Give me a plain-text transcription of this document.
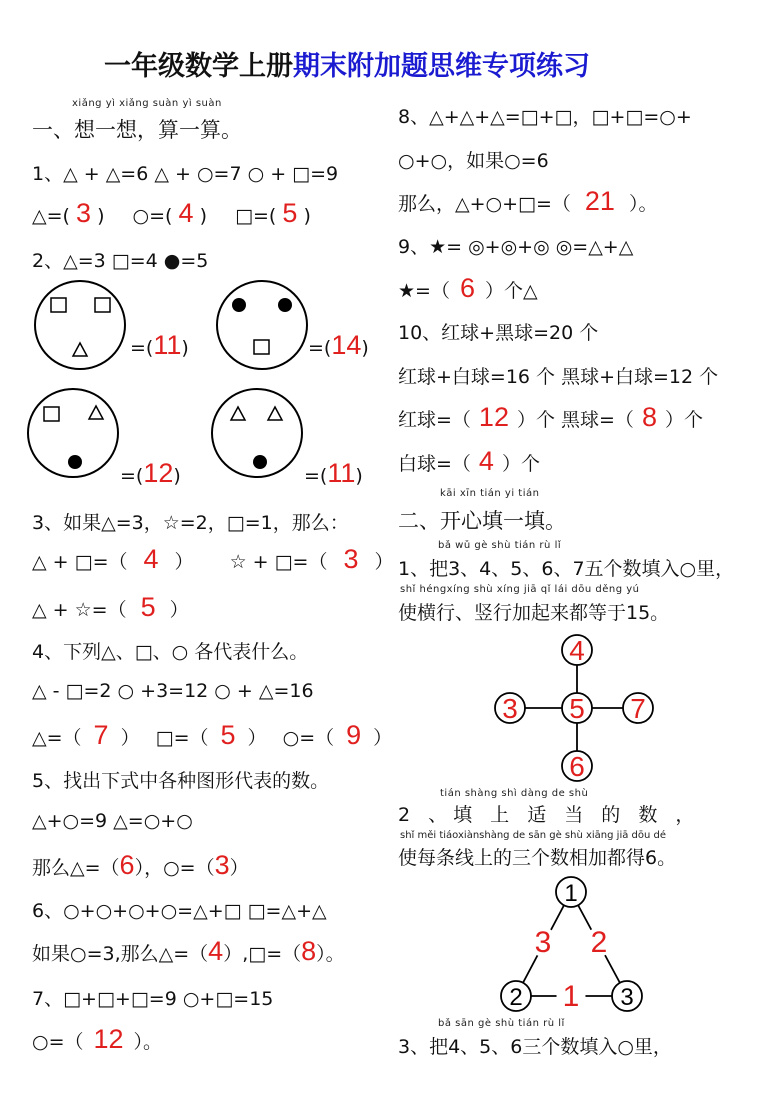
一年级数学上册期末附加题思维专项练习
xiǎng yì xiǎng suàn yì suàn
一、想一想，算一算。
1、△ + △=6 △ + ○=7 ○ + □=9
△=( 3 ) ○=( 4 ) □=( 5 )
2、△=3 □=4 ●=5
=(11)	=(14)
=(12)	=(11)
3、如果△=3，☆=2，□=1，那么：
△ + □=（ 4 ） ☆ + □=（ 3 ）
△ + ☆=（ 5 ）
4、下列△、□、○ 各代表什么。
△ - □=2 ○ +3=12 ○ + △=16
△=（ 7 ） □=（ 5 ） ○=（ 9 ）
5、找出下式中各种图形代表的数。
△+○=9 △=○+○
那么△=（6），○=（3）
6、○+○+○+○=△+□ □=△+△
如果○=3,那么△=（4）,□=（8）。
7、□+□+□=9 ○+□=15
○=（ 12 ）。
8、△+△+△=□+□，□+□=○+
○+○，如果○=6
那么，△+○+□=（ 21 ）。
9、★= ◎+◎+◎ ◎=△+△
★=（ 6 ）个△
10、红球+黑球=20 个
红球+白球=16 个 黑球+白球=12 个
红球=（ 12 ）个 黑球=（ 8 ）个
白球=（ 4 ）个
kāi xīn tián yi tián
二、开心填一填。
bǎ wǔ gè shù tián rù lǐ
1、把3、4、5、6、7五个数填入○里，
shǐ héngxíng shù xíng jiā qǐ lái dōu děng yú
使横行、竖行加起来都等于15。
4
3 5 7
6
tián shàng shì dàng de shù
2 、填 上 适 当 的 数 ，
shǐ měi tiáoxiànshàng de sān gè shù xiāng jiā dōu dé
使每条线上的三个数相加都得6。
1
2	3
3 2
1
bǎ sān gè shù tián rù lǐ
3、把4、5、6三个数填入○里，
